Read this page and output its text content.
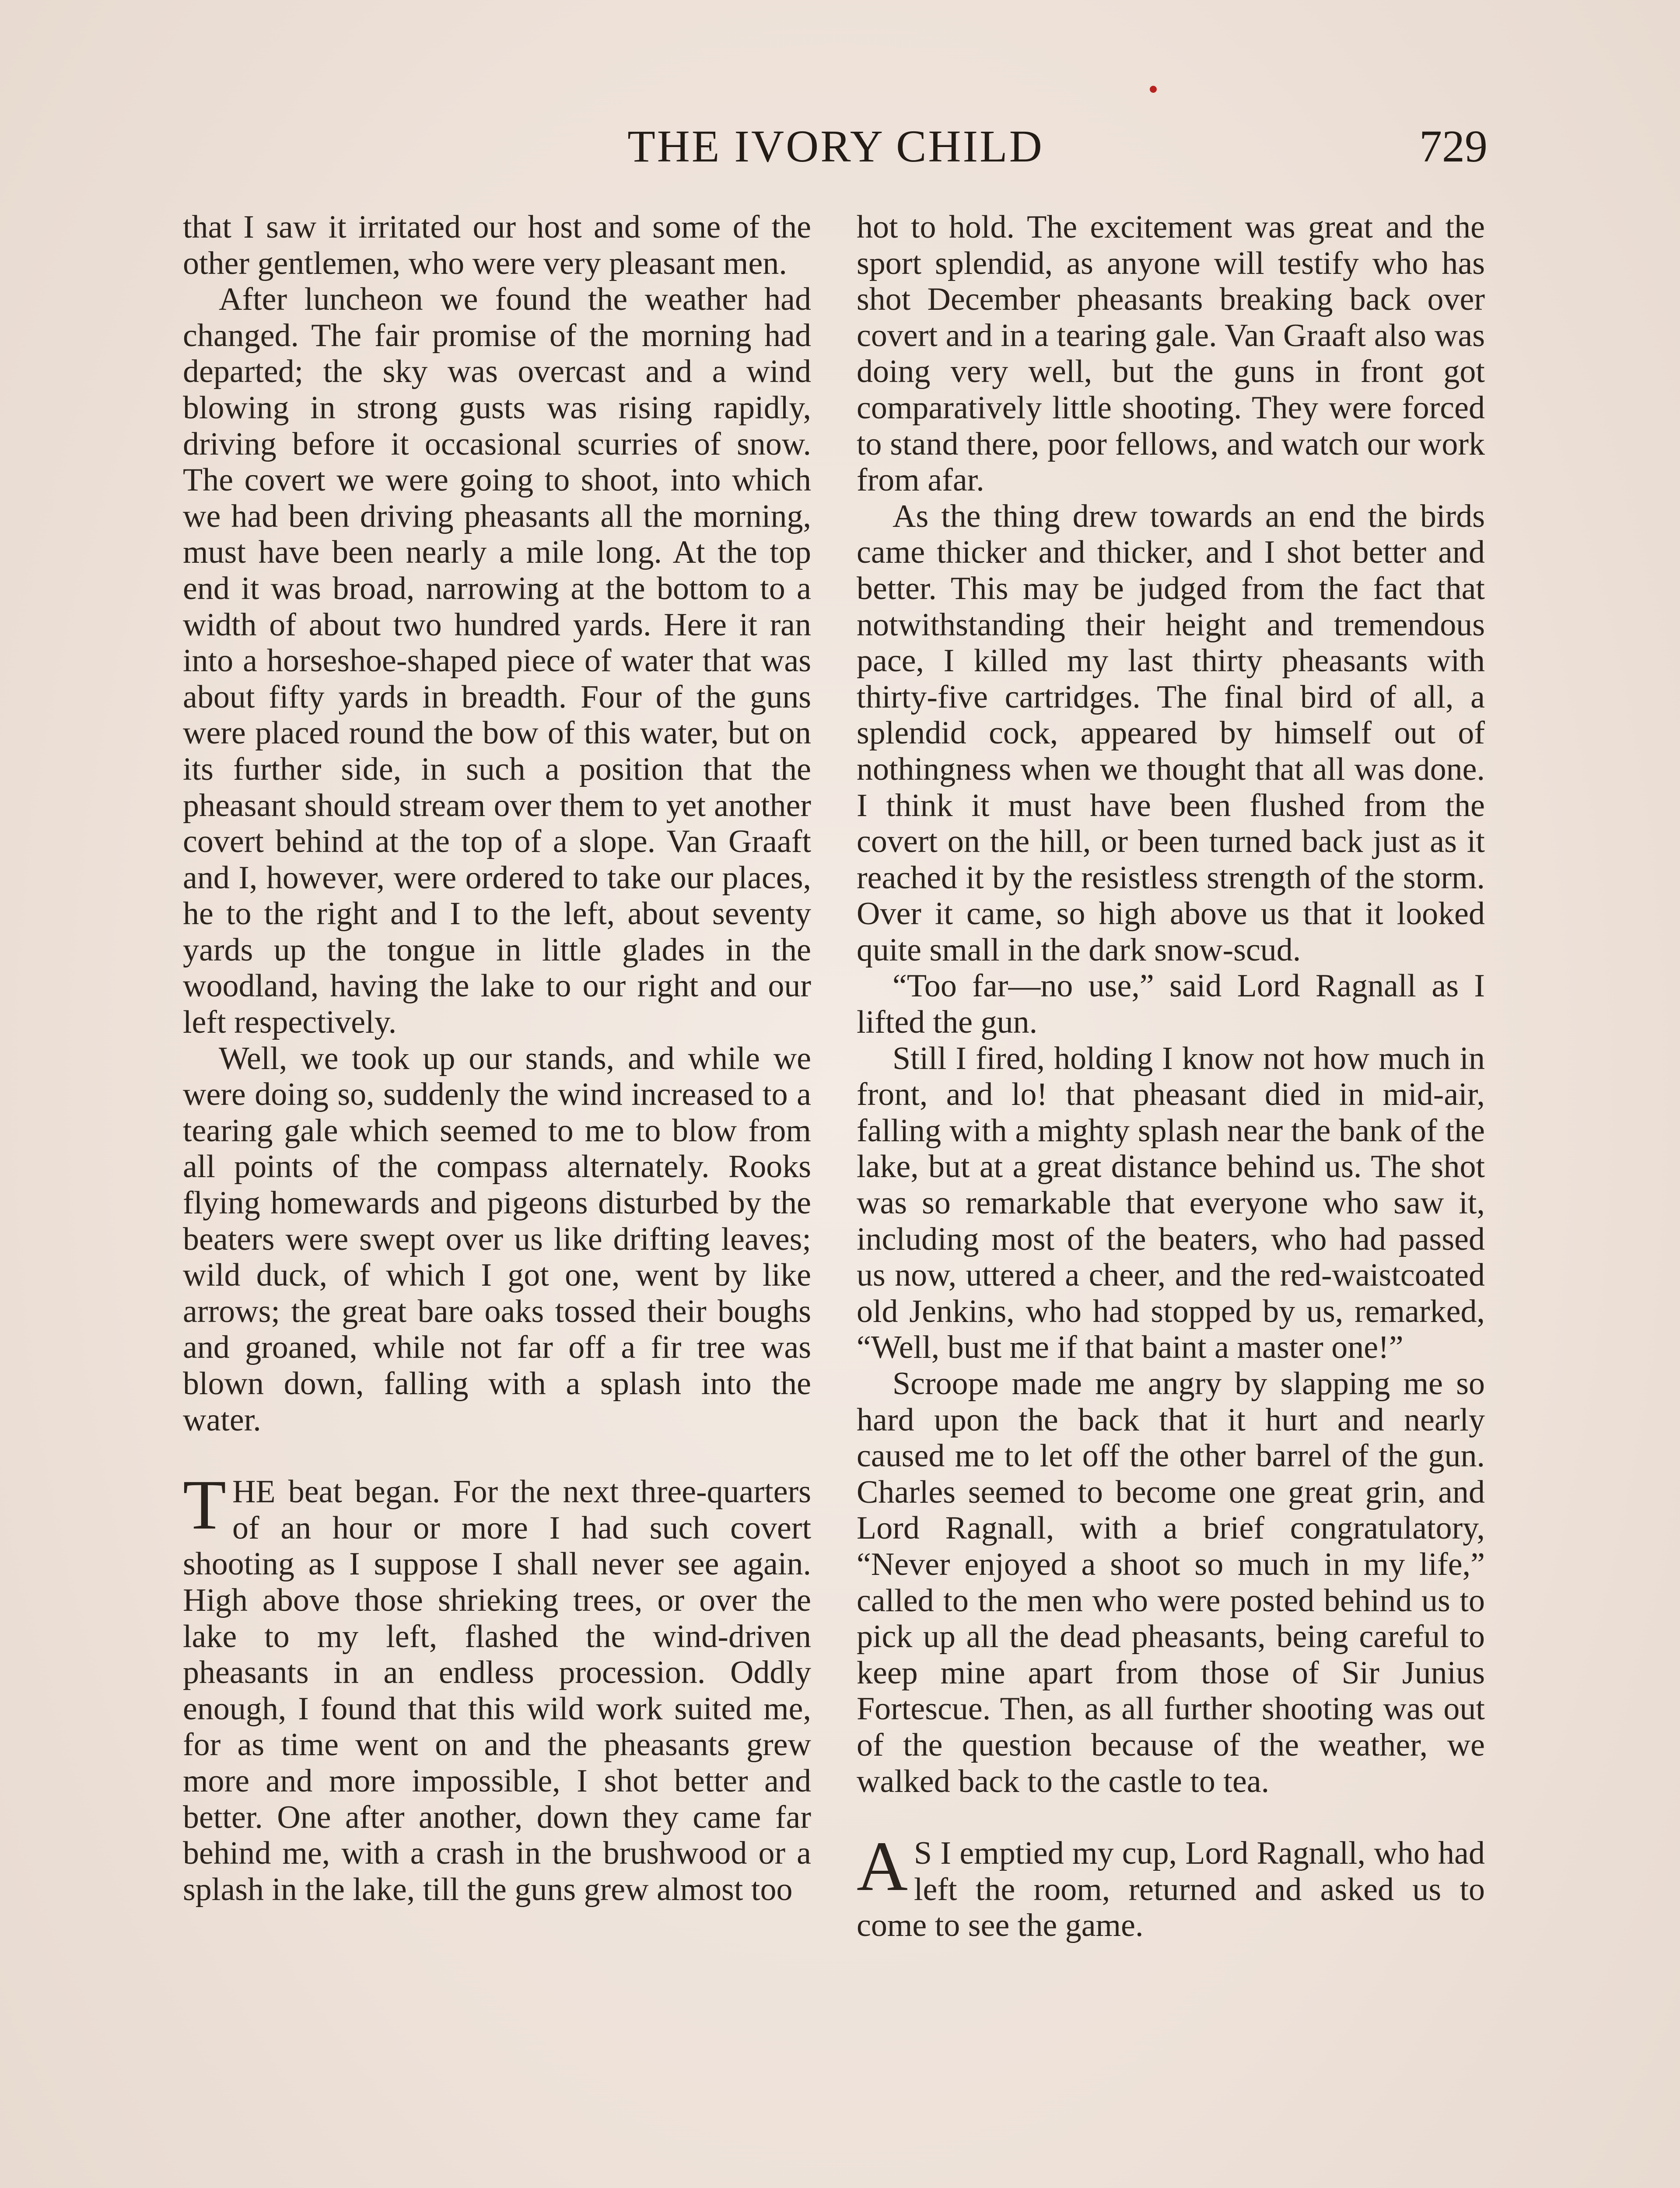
THE IVORY CHILD	729

that I saw it irritated our host and some of the other gentlemen, who were very pleasant men.

After luncheon we found the weather had changed. The fair promise of the morning had departed; the sky was overcast and a wind blowing in strong gusts was rising rapidly, driving before it occasional scurries of snow. The covert we were going to shoot, into which we had been driving pheasants all the morning, must have been nearly a mile long. At the top end it was broad, narrowing at the bottom to a width of about two hundred yards. Here it ran into a horseshoe-shaped piece of water that was about fifty yards in breadth. Four of the guns were placed round the bow of this water, but on its further side, in such a position that the pheasant should stream over them to yet another covert behind at the top of a slope. Van Graaft and I, however, were ordered to take our places, he to the right and I to the left, about seventy yards up the tongue in little glades in the woodland, having the lake to our right and our left respectively.

Well, we took up our stands, and while we were doing so, suddenly the wind increased to a tearing gale which seemed to me to blow from all points of the compass alternately. Rooks flying homewards and pigeons disturbed by the beaters were swept over us like drifting leaves; wild duck, of which I got one, went by like arrows; the great bare oaks tossed their boughs and groaned, while not far off a fir tree was blown down, falling with a splash into the water.

THE beat began. For the next three-quarters of an hour or more I had such covert shooting as I suppose I shall never see again. High above those shrieking trees, or over the lake to my left, flashed the wind-driven pheasants in an endless procession. Oddly enough, I found that this wild work suited me, for as time went on and the pheasants grew more and more impossible, I shot better and better. One after another, down they came far behind me, with a crash in the brushwood or a splash in the lake, till the guns grew almost too

hot to hold. The excitement was great and the sport splendid, as anyone will testify who has shot December pheasants breaking back over covert and in a tearing gale. Van Graaft also was doing very well, but the guns in front got comparatively little shooting. They were forced to stand there, poor fellows, and watch our work from afar.

As the thing drew towards an end the birds came thicker and thicker, and I shot better and better. This may be judged from the fact that notwithstanding their height and tremendous pace, I killed my last thirty pheasants with thirty-five cartridges. The final bird of all, a splendid cock, appeared by himself out of nothingness when we thought that all was done. I think it must have been flushed from the covert on the hill, or been turned back just as it reached it by the resistless strength of the storm. Over it came, so high above us that it looked quite small in the dark snow-scud.

“Too far—no use,” said Lord Ragnall as I lifted the gun.

Still I fired, holding I know not how much in front, and lo! that pheasant died in mid-air, falling with a mighty splash near the bank of the lake, but at a great distance behind us. The shot was so remarkable that everyone who saw it, including most of the beaters, who had passed us now, uttered a cheer, and the red-waistcoated old Jenkins, who had stopped by us, remarked, “Well, bust me if that baint a master one!”

Scroope made me angry by slapping me so hard upon the back that it hurt and nearly caused me to let off the other barrel of the gun. Charles seemed to become one great grin, and Lord Ragnall, with a brief congratulatory, “Never enjoyed a shoot so much in my life,” called to the men who were posted behind us to pick up all the dead pheasants, being careful to keep mine apart from those of Sir Junius Fortescue. Then, as all further shooting was out of the question because of the weather, we walked back to the castle to tea.

A S I emptied my cup, Lord Ragnall, who had left the room, returned and asked us to come to see the game.
